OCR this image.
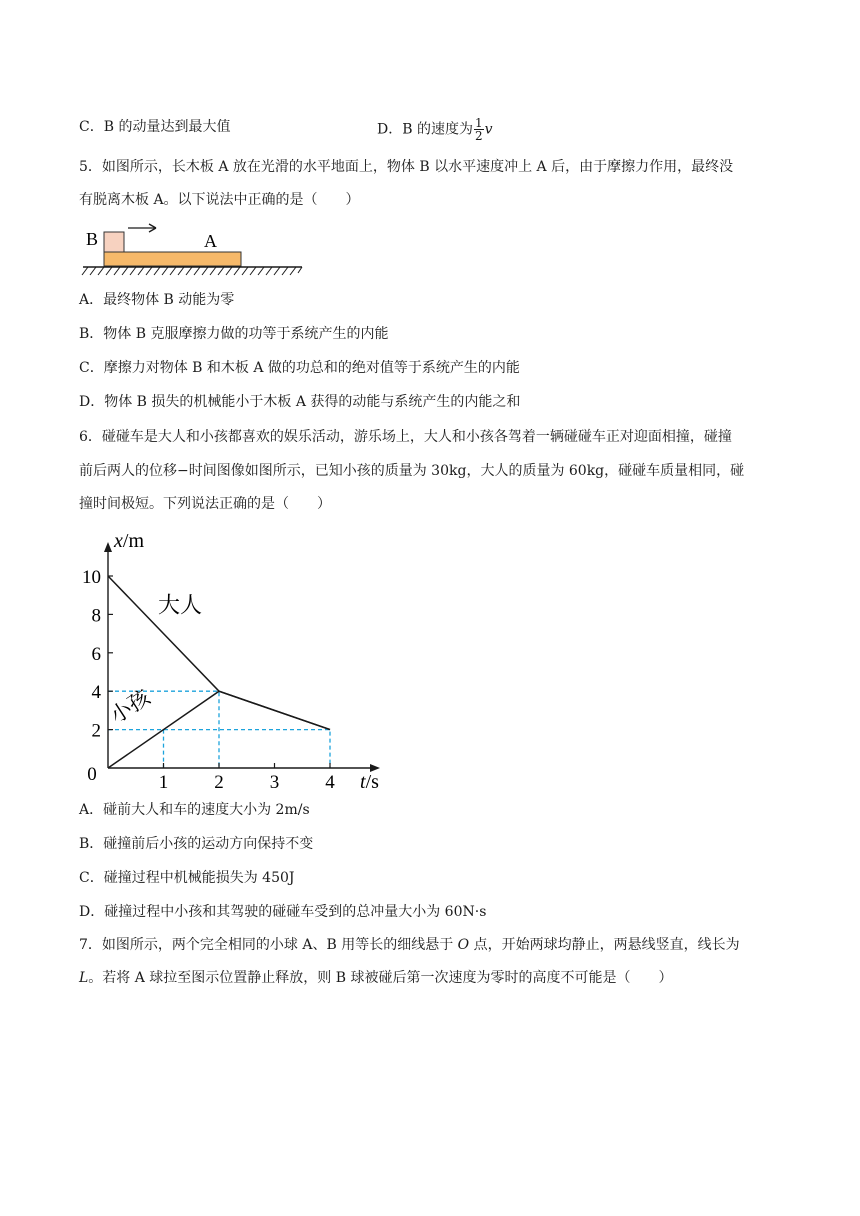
C．B 的动量达到最大值	D．B 的速度为 $\frac{1}{2}$ v
5．如图所示，长木板 A 放在光滑的水平地面上，物体 B 以水平速度冲上 A 后，由于摩擦力作用，最终没
有脱离木板 A。以下说法中正确的是（　　）
B	A
A．最终物体 B 动能为零
B．物体 B 克服摩擦力做的功等于系统产生的内能
C．摩擦力对物体 B 和木板 A 做的功总和的绝对值等于系统产生的内能
D．物体 B 损失的机械能小于木板 A 获得的动能与系统产生的内能之和
6．碰碰车是大人和小孩都喜欢的娱乐活动，游乐场上，大人和小孩各驾着一辆碰碰车正对迎面相撞，碰撞
前后两人的位移−时间图像如图所示，已知小孩的质量为 30kg，大人的质量为 60kg，碰碰车质量相同，碰
撞时间极短。下列说法正确的是（　　）
1 2 3 4
2
4
6
8
10
0
x/m
t/s
大人
小孩
A．碰前大人和车的速度大小为 2m/s
B．碰撞前后小孩的运动方向保持不变
C．碰撞过程中机械能损失为 450J
D．碰撞过程中小孩和其驾驶的碰碰车受到的总冲量大小为 60N·s
7．如图所示，两个完全相同的小球 A、B 用等长的细线悬于 O 点，开始两球均静止，两悬线竖直，线长为
L。若将 A 球拉至图示位置静止释放，则 B 球被碰后第一次速度为零时的高度不可能是（　　）
